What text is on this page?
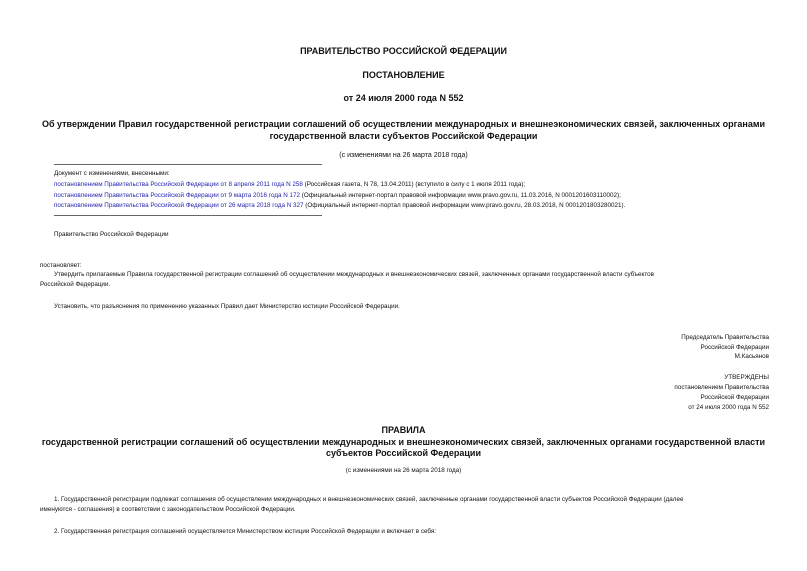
ПРАВИТЕЛЬСТВО РОССИЙСКОЙ ФЕДЕРАЦИИ
ПОСТАНОВЛЕНИЕ
от 24 июля 2000 года N 552
Об утверждении Правил государственной регистрации соглашений об осуществлении международных и внешнеэкономических связей, заключенных органами
государственной власти субъектов Российской Федерации
(с изменениями на 26 марта 2018 года)
Документ с изменениями, внесенными:
постановлением Правительства Российской Федерации от 8 апреля 2011 года N 258 (Российская газета, N 78, 13.04.2011) (вступило в силу с 1 июля 2011 года);
постановлением Правительства Российской Федерации от 9 марта 2016 года N 172 (Официальный интернет-портал правовой информации www.pravo.gov.ru, 11.03.2016, N 0001201603110002);
постановлением Правительства Российской Федерации от 26 марта 2018 года N 327 (Официальный интернет-портал правовой информации www.pravo.gov.ru, 28.03.2018, N 0001201803280021).
Правительство Российской Федерации
постановляет:
Утвердить прилагаемые Правила государственной регистрации соглашений об осуществлении международных и внешнеэкономических связей, заключенных органами государственной власти субъектов
Российской Федерации.
Установить, что разъяснения по применению указанных Правил дает Министерство юстиции Российской Федерации.
Председатель Правительства
Российской Федерации
М.Касьянов
УТВЕРЖДЕНЫ
постановлением Правительства
Российской Федерации
от 24 июля 2000 года N 552
ПРАВИЛА
государственной регистрации соглашений об осуществлении международных и внешнеэкономических связей, заключенных органами государственной власти
субъектов Российской Федерации
(с изменениями на 26 марта 2018 года)
1. Государственной регистрации подлежат соглашения об осуществлении международных и внешнеэкономических связей, заключенные органами государственной власти субъектов Российской Федерации (далее
именуются - соглашения) в соответствии с законодательством Российской Федерации.
2. Государственная регистрация соглашений осуществляется Министерством юстиции Российской Федерации и включает в себя:
